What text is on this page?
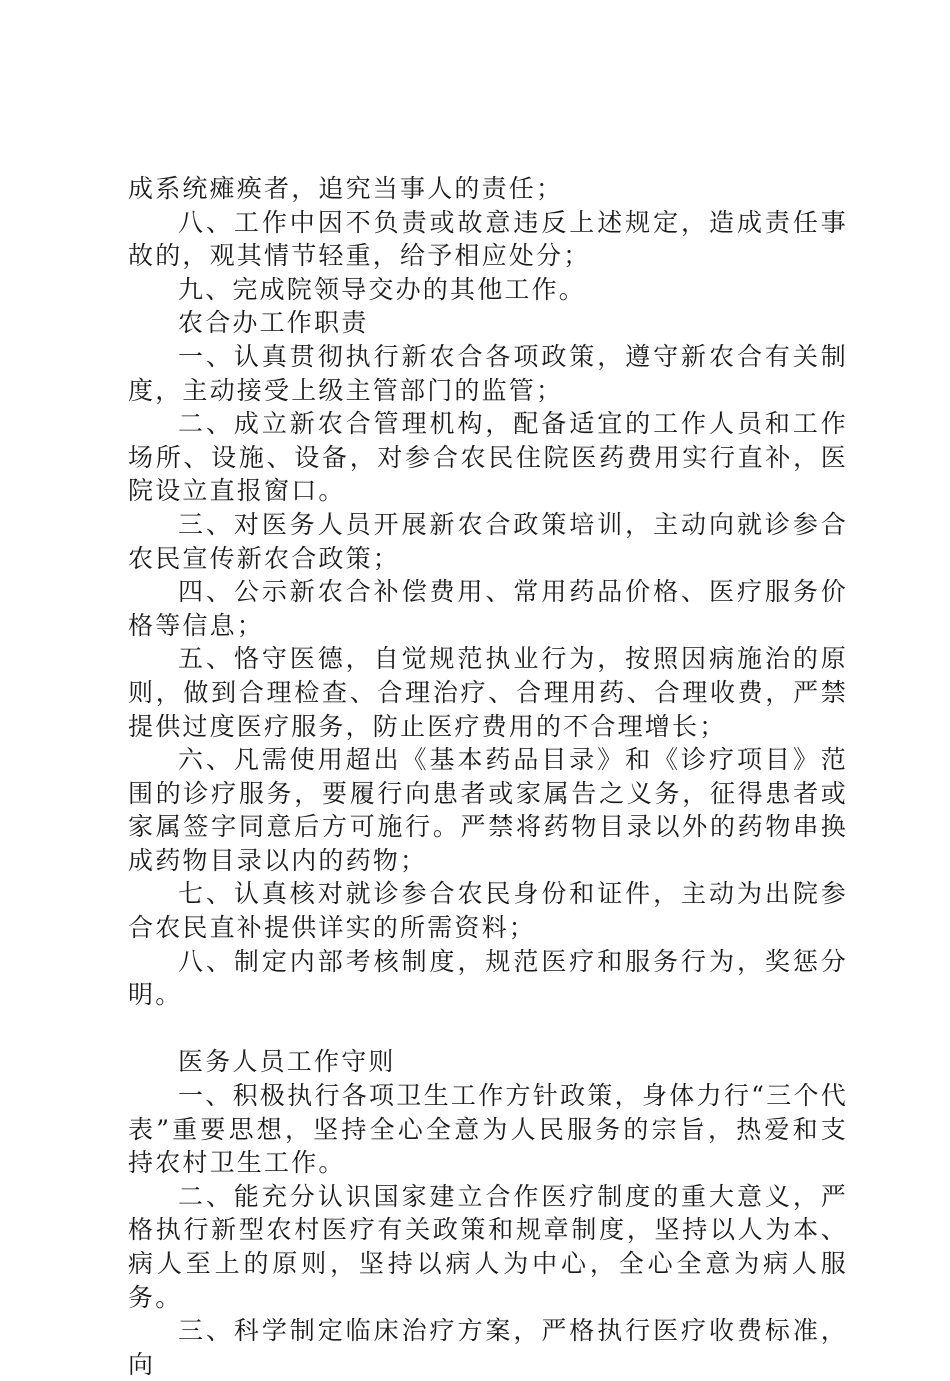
成系统瘫痪者，追究当事人的责任；

八、工作中因不负责或故意违反上述规定，造成责任事故的，观其情节轻重，给予相应处分；

九、完成院领导交办的其他工作。

农合办工作职责

一、认真贯彻执行新农合各项政策，遵守新农合有关制度，主动接受上级主管部门的监管；

二、成立新农合管理机构，配备适宜的工作人员和工作场所、设施、设备，对参合农民住院医药费用实行直补，医院设立直报窗口。

三、对医务人员开展新农合政策培训，主动向就诊参合农民宣传新农合政策；

四、公示新农合补偿费用、常用药品价格、医疗服务价格等信息；

五、恪守医德，自觉规范执业行为，按照因病施治的原则，做到合理检查、合理治疗、合理用药、合理收费，严禁提供过度医疗服务，防止医疗费用的不合理增长；

六、凡需使用超出《基本药品目录》和《诊疗项目》范围的诊疗服务，要履行向患者或家属告之义务，征得患者或家属签字同意后方可施行。严禁将药物目录以外的药物串换成药物目录以内的药物；

七、认真核对就诊参合农民身份和证件，主动为出院参合农民直补提供详实的所需资料；

八、制定内部考核制度，规范医疗和服务行为，奖惩分明。

医务人员工作守则

一、积极执行各项卫生工作方针政策，身体力行“三个代表”重要思想，坚持全心全意为人民服务的宗旨，热爱和支持农村卫生工作。

二、能充分认识国家建立合作医疗制度的重大意义，严格执行新型农村医疗有关政策和规章制度，坚持以人为本、病人至上的原则，坚持以病人为中心，全心全意为病人服务。

三、科学制定临床治疗方案，严格执行医疗收费标准，向
